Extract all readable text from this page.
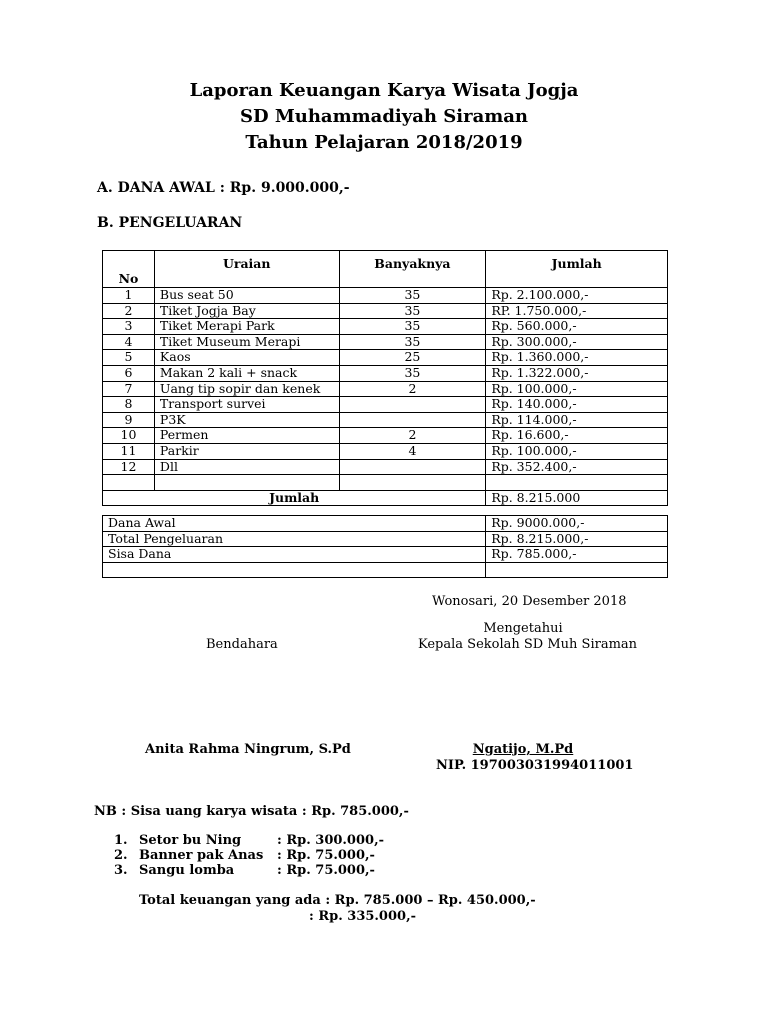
Laporan Keuangan Karya Wisata Jogja
SD Muhammadiyah Siraman
Tahun Pelajaran 2018/2019
A. DANA AWAL : Rp. 9.000.000,-
B. PENGELUARAN
No	Uraian	Banyaknya	Jumlah
1	Bus seat 50	35	Rp. 2.100.000,-
2	Tiket Jogja Bay	35	RP. 1.750.000,-
3	Tiket Merapi Park	35	Rp. 560.000,-
4	Tiket Museum Merapi	35	Rp. 300.000,-
5	Kaos	25	Rp. 1.360.000,-
6	Makan 2 kali + snack	35	Rp. 1.322.000,-
7	Uang tip sopir dan kenek	2	Rp. 100.000,-
8	Transport survei		Rp. 140.000,-
9	P3K		Rp. 114.000,-
10	Permen	2	Rp. 16.600,-
11	Parkir	4	Rp. 100.000,-
12	Dll		Rp. 352.400,-

Jumlah			Rp. 8.215.000
Dana Awal	Rp. 9000.000,-
Total Pengeluaran	Rp. 8.215.000,-
Sisa Dana	Rp. 785.000,-

Wonosari, 20 Desember 2018
Mengetahui
Bendahara	Kepala Sekolah SD Muh Siraman
Anita Rahma Ningrum, S.Pd	Ngatijo, M.Pd
NIP. 197003031994011001
NB : Sisa uang karya wisata : Rp. 785.000,-
1. Setor bu Ning	: Rp. 300.000,-
2. Banner pak Anas : Rp. 75.000,-
3. Sangu lomba	: Rp. 75.000,-
Total keuangan yang ada : Rp. 785.000 – Rp. 450.000,-
: Rp. 335.000,-
